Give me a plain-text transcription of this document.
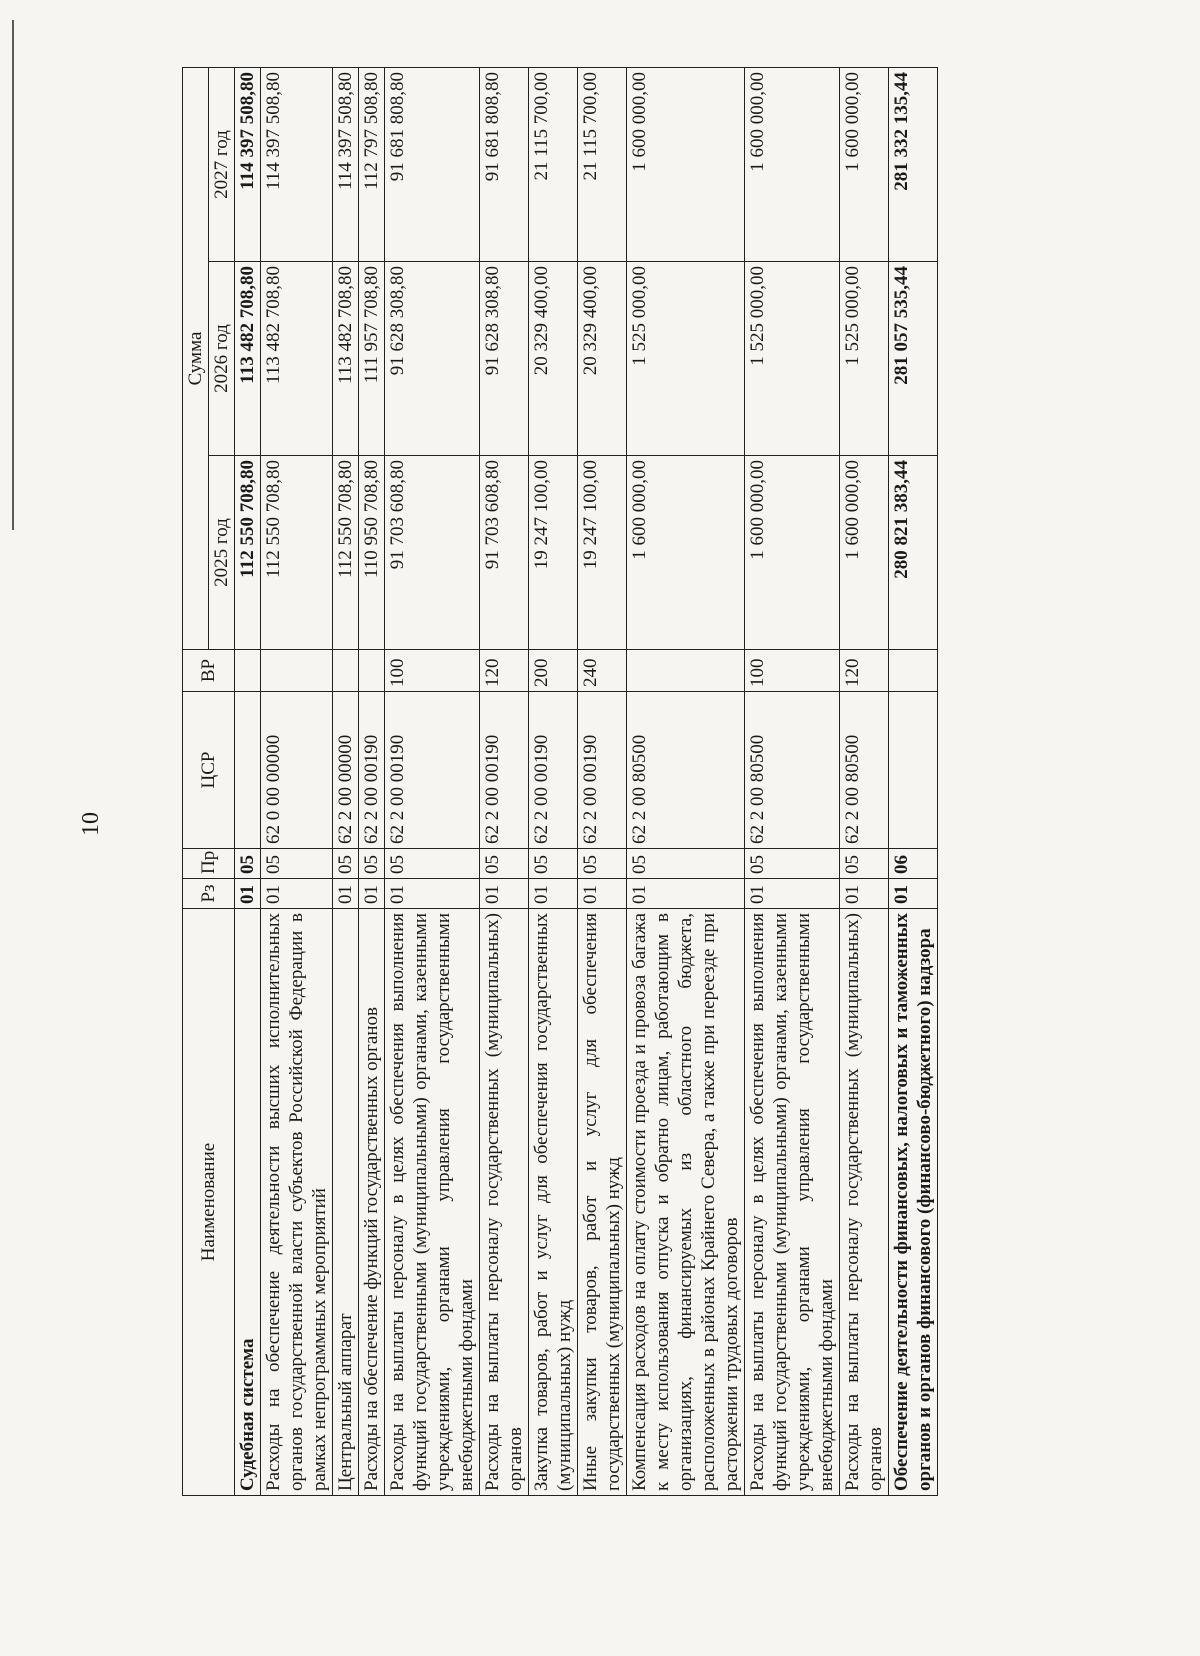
10
Наименование	Рз	Пр	ЦСР	ВР	Сумма		
					2025 год	2026 год	2027 год
Судебная система	01	05			112 550 708,80	113 482 708,80	114 397 508,80
Расходы на обеспечение деятельности высших исполнительных органов государственной власти субъектов Российской Федерации в рамках непрограммных мероприятий	01	05	62 0 00 00000		112 550 708,80	113 482 708,80	114 397 508,80
Центральный аппарат	01	05	62 2 00 00000		112 550 708,80	113 482 708,80	114 397 508,80
Расходы на обеспечение функций государственных органов	01	05	62 2 00 00190		110 950 708,80	111 957 708,80	112 797 508,80
Расходы на выплаты персоналу в целях обеспечения выполнения функций государственными (муниципальными) органами, казенными учреждениями, органами управления государственными внебюджетными фондами	01	05	62 2 00 00190	100	91 703 608,80	91 628 308,80	91 681 808,80
Расходы на выплаты персоналу государственных (муниципальных) органов	01	05	62 2 00 00190	120	91 703 608,80	91 628 308,80	91 681 808,80
Закупка товаров, работ и услуг для обеспечения государственных (муниципальных) нужд	01	05	62 2 00 00190	200	19 247 100,00	20 329 400,00	21 115 700,00
Иные закупки товаров, работ и услуг для обеспечения государственных (муниципальных) нужд	01	05	62 2 00 00190	240	19 247 100,00	20 329 400,00	21 115 700,00
Компенсация расходов на оплату стоимости проезда и провоза багажа к месту использования отпуска и обратно лицам, работающим в организациях, финансируемых из областного бюджета, расположенных в районах Крайнего Севера, а также при переезде при расторжении трудовых договоров	01	05	62 2 00 80500		1 600 000,00	1 525 000,00	1 600 000,00
Расходы на выплаты персоналу в целях обеспечения выполнения функций государственными (муниципальными) органами, казенными учреждениями, органами управления государственными внебюджетными фондами	01	05	62 2 00 80500	100	1 600 000,00	1 525 000,00	1 600 000,00
Расходы на выплаты персоналу государственных (муниципальных) органов	01	05	62 2 00 80500	120	1 600 000,00	1 525 000,00	1 600 000,00
Обеспечение деятельности финансовых, налоговых и таможенных органов и органов финансового (финансово-бюджетного) надзора	01	06			280 821 383,44	281 057 535,44	281 332 135,44
